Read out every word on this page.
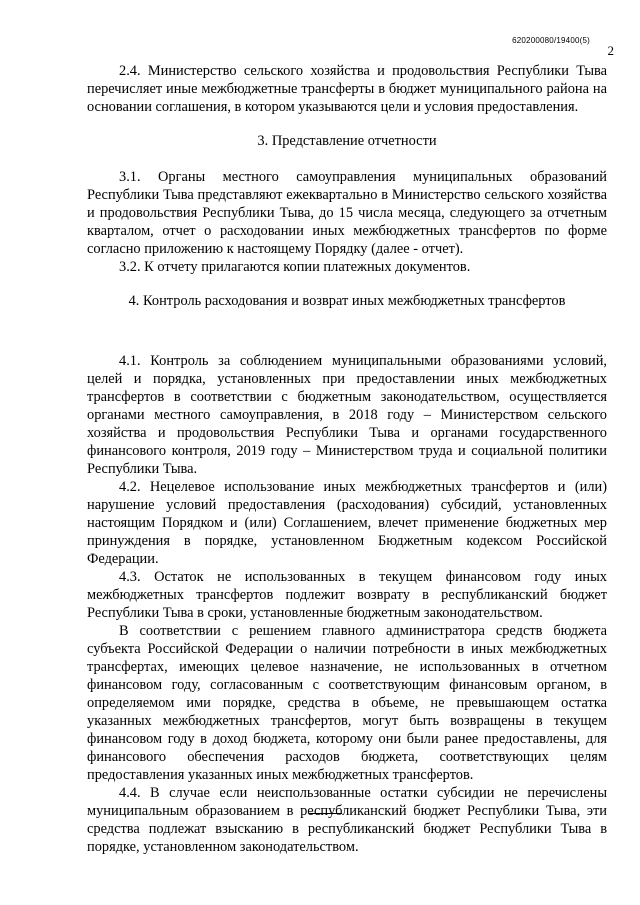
620200080/19400(5)
2

2.4. Министерство сельского хозяйства и продовольствия Республики Тыва перечисляет иные межбюджетные трансферты в бюджет муниципального района на основании соглашения, в котором указываются цели и условия предоставления.

3. Представление отчетности

3.1. Органы местного самоуправления муниципальных образований Республики Тыва представляют ежеквартально в Министерство сельского хозяйства и продовольствия Республики Тыва, до 15 числа месяца, следующего за отчетным кварталом, отчет о расходовании иных межбюджетных трансфертов по форме согласно приложению к настоящему Порядку (далее - отчет).

3.2. К отчету прилагаются копии платежных документов.

4. Контроль расходования и возврат иных межбюджетных трансфертов

4.1. Контроль за соблюдением муниципальными образованиями условий, целей и порядка, установленных при предоставлении иных межбюджетных трансфертов в соответствии с бюджетным законодательством, осуществляется органами местного самоуправления, в 2018 году – Министерством сельского хозяйства и продовольствия Республики Тыва и органами государственного финансового контроля, 2019 году – Министерством труда и социальной политики Республики Тыва.

4.2. Нецелевое использование иных межбюджетных трансфертов и (или) нарушение условий предоставления (расходования) субсидий, установленных настоящим Порядком и (или) Соглашением, влечет применение бюджетных мер принуждения в порядке, установленном Бюджетным кодексом Российской Федерации.

4.3. Остаток не использованных в текущем финансовом году иных межбюджетных трансфертов подлежит возврату в республиканский бюджет Республики Тыва в сроки, установленные бюджетным законодательством.

В соответствии с решением главного администратора средств бюджета субъекта Российской Федерации о наличии потребности в иных межбюджетных трансфертах, имеющих целевое назначение, не использованных в отчетном финансовом году, согласованным с соответствующим финансовым органом, в определяемом ими порядке, средства в объеме, не превышающем остатка указанных межбюджетных трансфертов, могут быть возвращены в текущем финансовом году в доход бюджета, которому они были ранее предоставлены, для финансового обеспечения расходов бюджета, соответствующих целям предоставления указанных иных межбюджетных трансфертов.

4.4. В случае если неиспользованные остатки субсидии не перечислены муниципальным образованием в республиканский бюджет Республики Тыва, эти средства подлежат взысканию в республиканский бюджет Республики Тыва в порядке, установленном законодательством.
